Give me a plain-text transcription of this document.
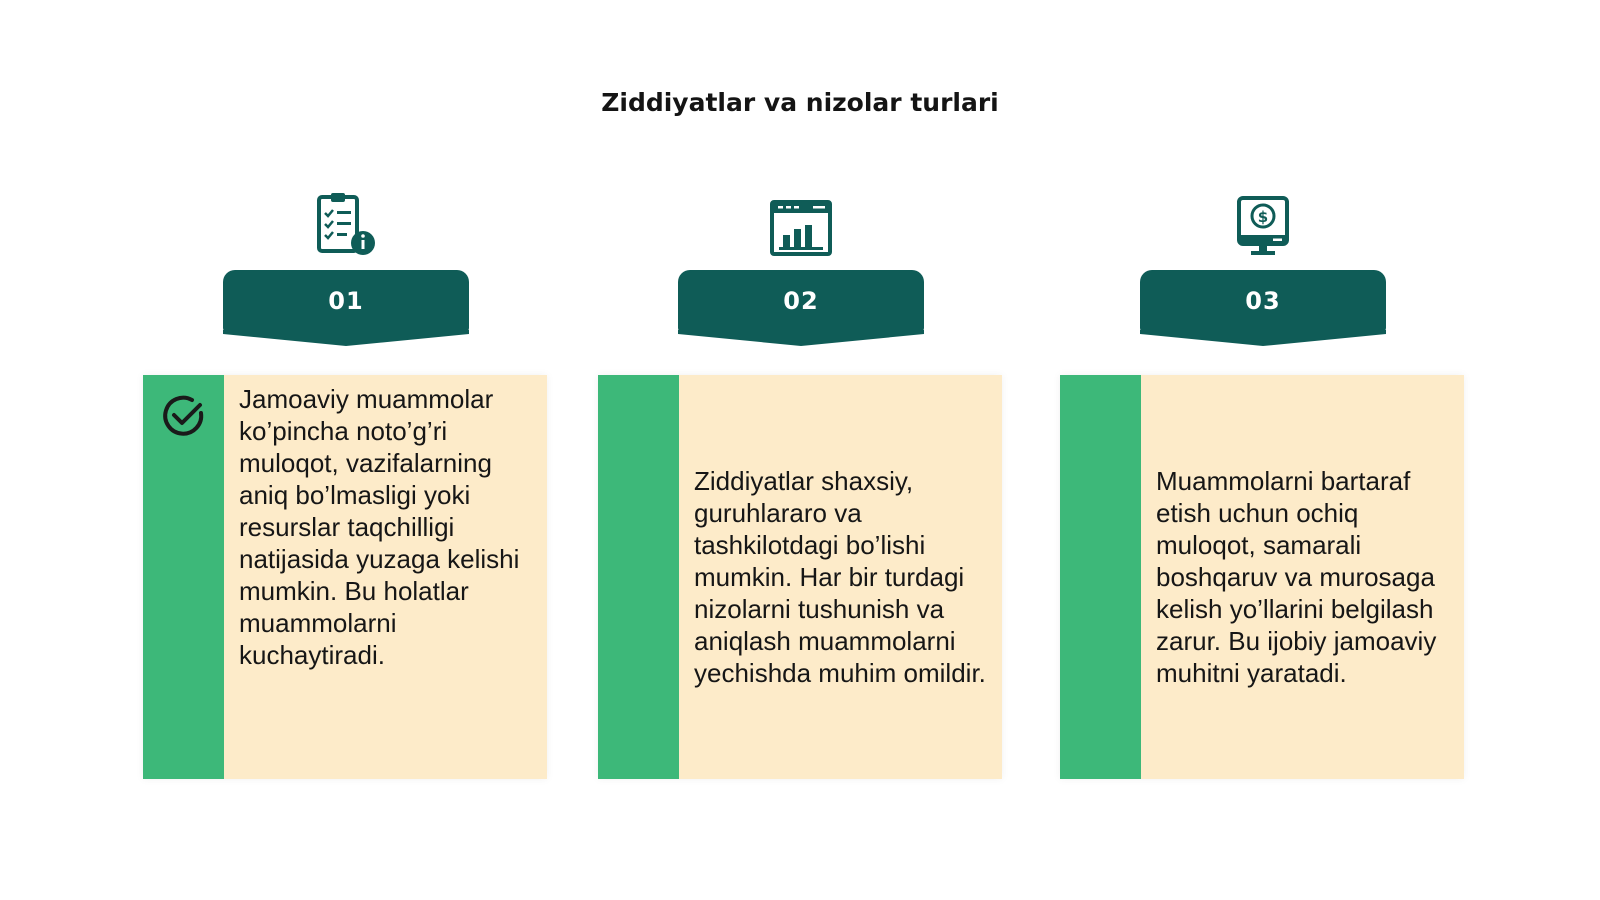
Ziddiyatlar va nizolar turlari
01
Jamoaviy muammolar ko’pincha noto’g’ri muloqot, vazifalarning aniq bo’lmasligi yoki resurslar taqchilligi natijasida yuzaga kelishi mumkin. Bu holatlar muammolarni kuchaytiradi.
02
Ziddiyatlar shaxsiy, guruhlararo va tashkilotdagi bo’lishi mumkin. Har bir turdagi nizolarni tushunish va aniqlash muammolarni yechishda muhim omildir.
$
03
Muammolarni bartaraf etish uchun ochiq muloqot, samarali boshqaruv va murosaga kelish yo’llarini belgilash zarur. Bu ijobiy jamoaviy muhitni yaratadi.
